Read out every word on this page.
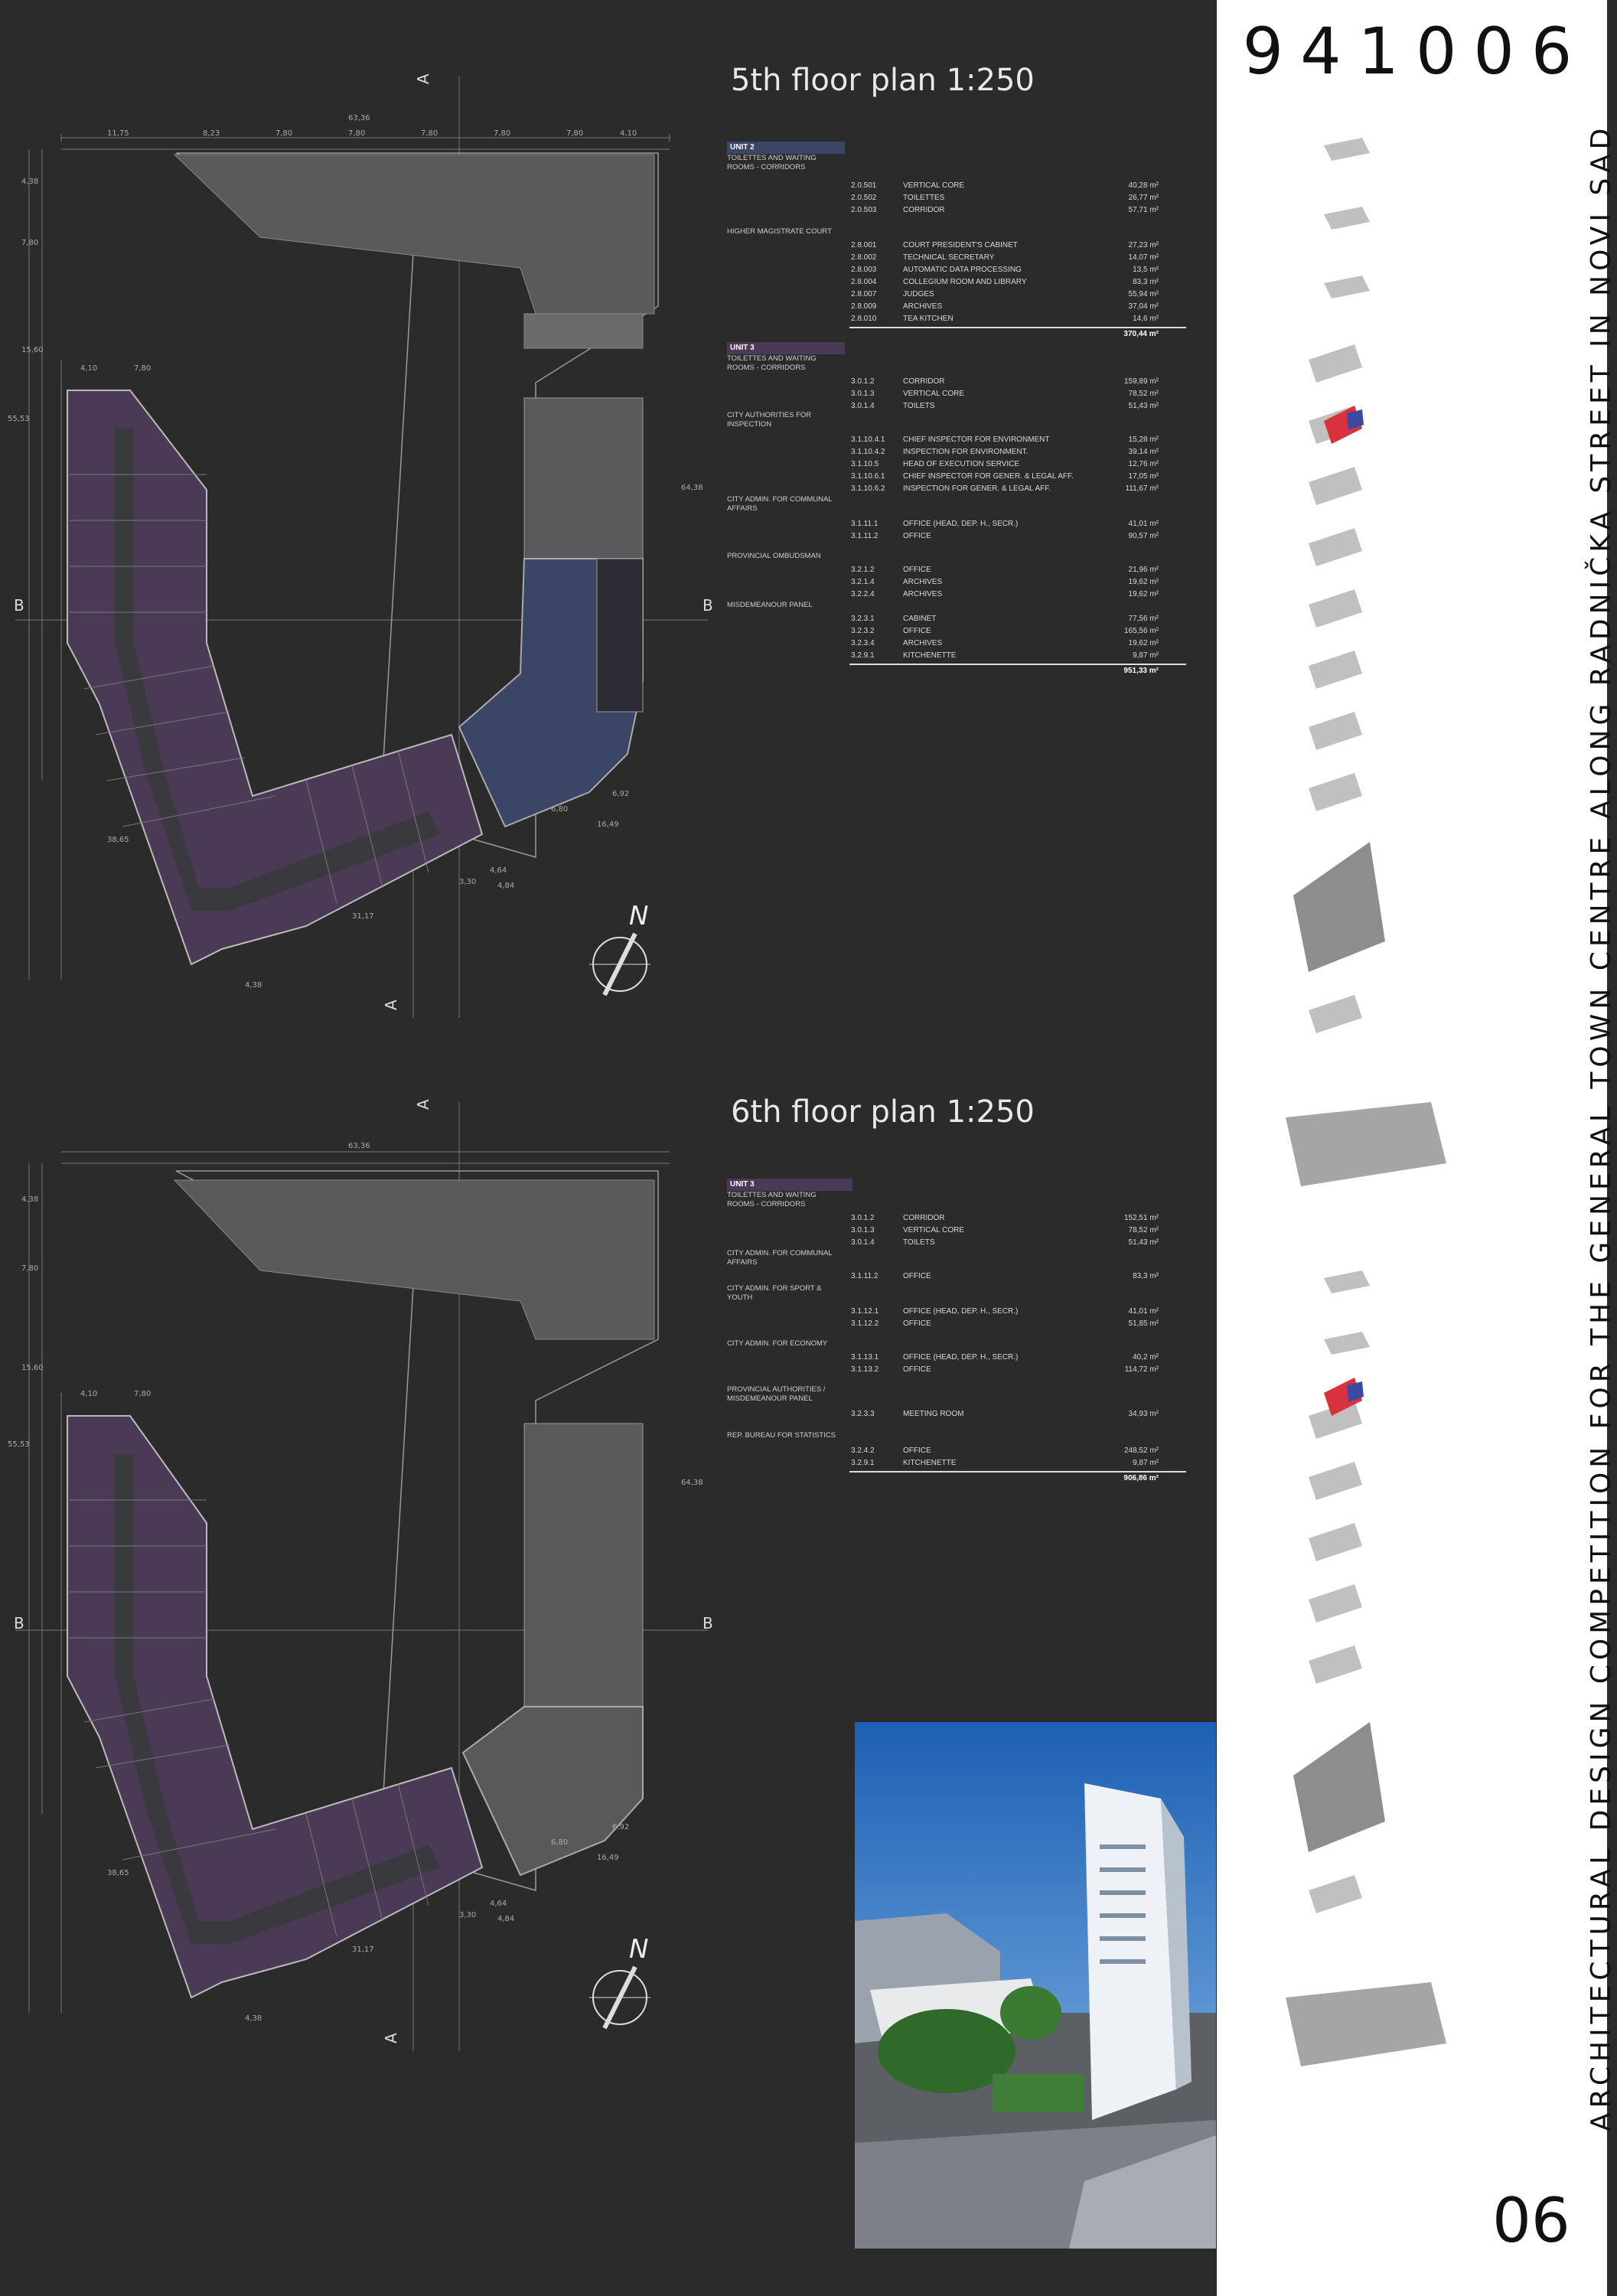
941006
06
ARCHITECTURAL DESIGN COMPETITION FOR THE GENERAL TOWN CENTRE ALONG RADNIČKA STREET IN NOVI SAD
5th floor plan 1:250
6th floor plan 1:250
N
A
A
B	B
63,36
11,75	8,23	7,80	7,80	7,80	7,80	7,80	4,10
4,10	7,80
4,38
7,80
15,60
55,53
64,38
6,80
6,92
16,49
31,17
38,65
4,38
3,30
4,64
4,84
N
A
A
B	B
63,36
4,10	7,80
4,38
7,80
15,60
55,53
64,38
6,80
6,92
16,49
31,17
38,65
4,38
3,30
4,64
4,84
UNIT 2
TOILETTES AND WAITING ROOMS - CORRIDORS
2.0.501	VERTICAL CORE	40,28 m²
2.0.502	TOILETTES	26,77 m²
2.0.503	CORRIDOR	57,71 m²
HIGHER MAGISTRATE COURT
2.8.001	COURT PRESIDENT'S CABINET	27,23 m²
2.8.002	TECHNICAL SECRETARY	14,07 m²
2.8.003	AUTOMATIC DATA PROCESSING	13,5 m²
2.8.004	COLLEGIUM ROOM AND LIBRARY	83,3 m²
2.8.007	JUDGES	55,94 m²
2.8.009	ARCHIVES	37,04 m²
2.8.010	TEA KITCHEN	14,6 m²
370,44 m²
UNIT 3
TOILETTES AND WAITING ROOMS - CORRIDORS
3.0.1.2	CORRIDOR	159,89 m²
3.0.1.3	VERTICAL CORE	78,52 m²
3.0.1.4	TOILETS	51,43 m²
CITY AUTHORITIES FOR INSPECTION
3.1.10.4.1 CHIEF INSPECTOR FOR ENVIRONMENT	15,28 m²
3.1.10.4.2 INSPECTION FOR ENVIRONMENT.	39,14 m²
3.1.10.5	HEAD OF EXECUTION SERVICE	12,76 m²
3.1.10.6.1 CHIEF INSPECTOR FOR GENER. & LEGAL AFF.	17,05 m²
3.1.10.6.2 INSPECTION FOR GENER. & LEGAL AFF.	111,67 m²
CITY ADMIN. FOR COMMUNAL AFFAIRS
3.1.11.1	OFFICE (HEAD, DEP. H., SECR.)	41,01 m²
3.1.11.2	OFFICE	90,57 m²
PROVINCIAL OMBUDSMAN
3.2.1.2	OFFICE	21,96 m²
3.2.1.4	ARCHIVES	19,62 m²
3.2.2.4	ARCHIVES	19,62 m²
MISDEMEANOUR PANEL
3.2.3.1	CABINET	77,56 m²
3.2.3.2	OFFICE	165,56 m²
3.2.3.4	ARCHIVES	19,62 m²
3.2.9.1	KITCHENETTE	9,87 m²
951,33 m²
UNIT 3
TOILETTES AND WAITING ROOMS - CORRIDORS
3.0.1.2	CORRIDOR	152,51 m²
3.0.1.3	VERTICAL CORE	78,52 m²
3.0.1.4	TOILETS	51,43 m²
CITY ADMIN. FOR COMMUNAL AFFAIRS
3.1.11.2	OFFICE	83,3 m²
CITY ADMIN. FOR SPORT & YOUTH
3.1.12.1	OFFICE (HEAD, DEP. H., SECR.)	41,01 m²
3.1.12.2	OFFICE	51,85 m²
CITY ADMIN. FOR ECONOMY
3.1.13.1	OFFICE (HEAD, DEP. H., SECR.)	40,2 m²
3.1.13.2	OFFICE	114,72 m²
PROVINCIAL AUTHORITIES / MISDEMEANOUR PANEL
3.2.3.3	MEETING ROOM	34,93 m²
REP. BUREAU FOR STATISTICS
3.2.4.2	OFFICE	248,52 m²
3.2.9.1	KITCHENETTE	9,87 m²
906,86 m²
